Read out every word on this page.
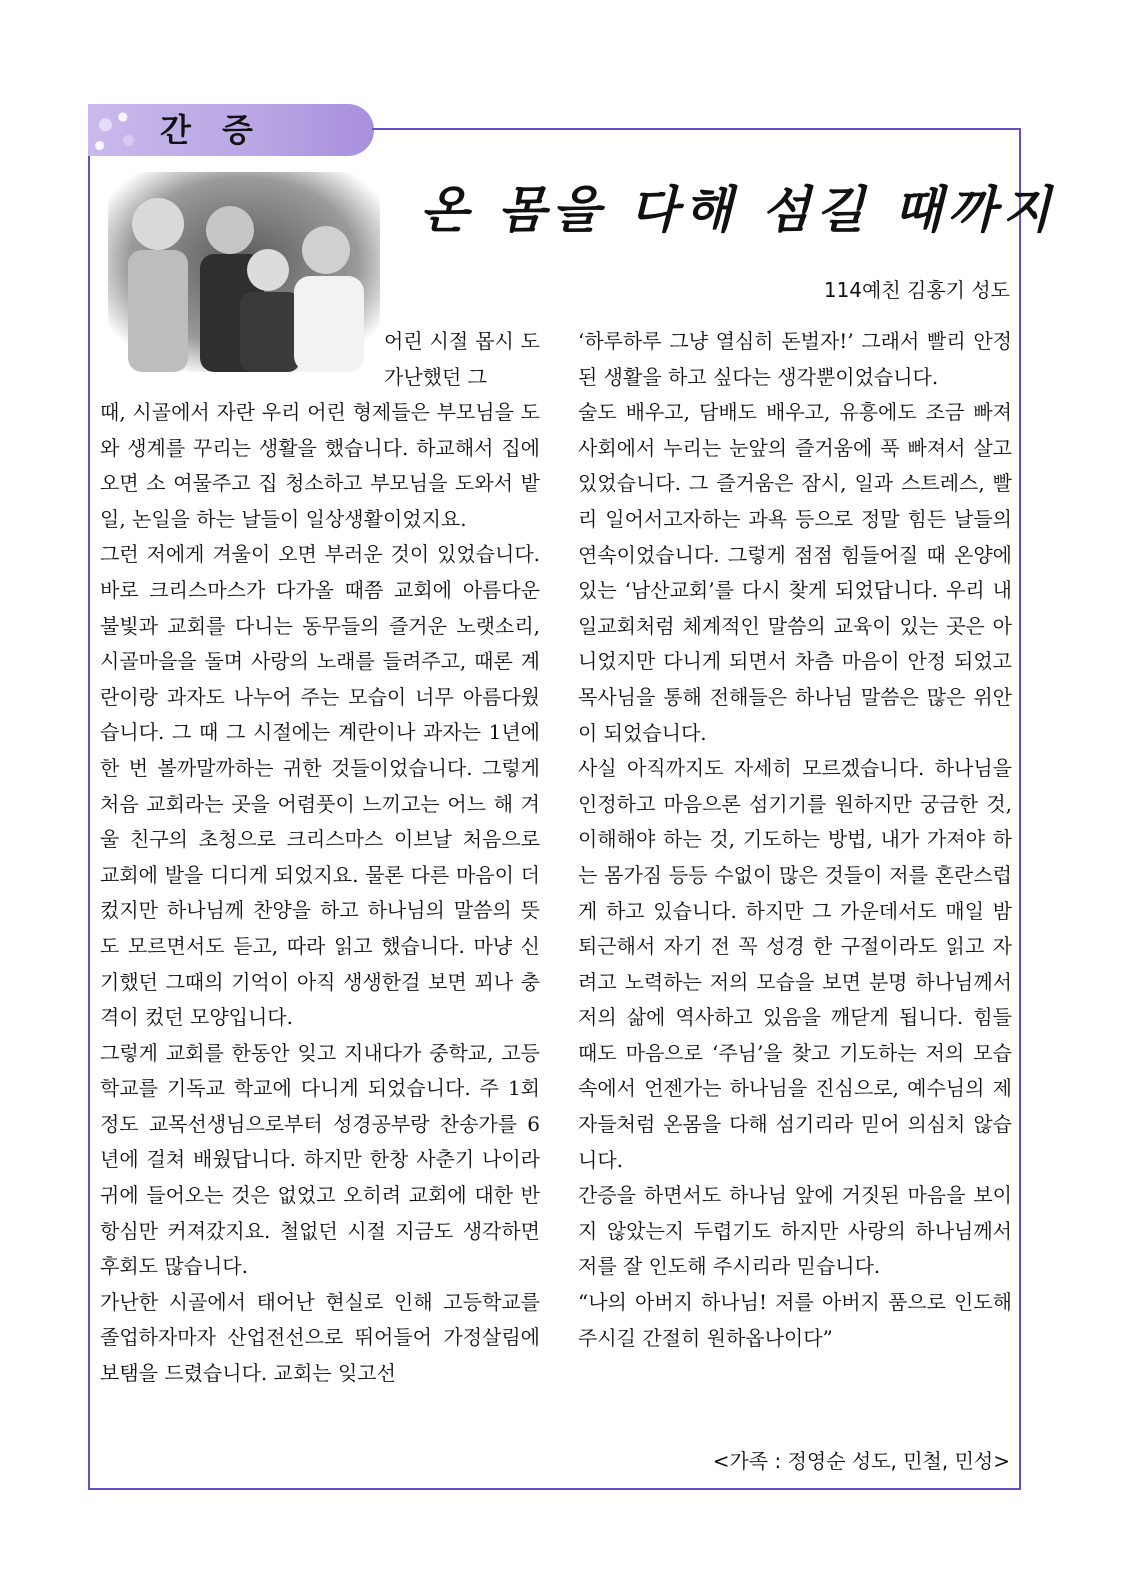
간 증
온 몸을 다해 섬길 때까지
114예친 김홍기 성도
어린 시절 몹시 도 가난했던 그

때, 시골에서 자란 우리 어린 형제들은 부모님을 도와 생계를 꾸리는 생활을 했습니다. 하교해서 집에 오면 소 여물주고 집 청소하고 부모님을 도와서 밭일, 논일을 하는 날들이 일상생활이었지요.

그런 저에게 겨울이 오면 부러운 것이 있었습니다. 바로 크리스마스가 다가올 때쯤 교회에 아름다운 불빛과 교회를 다니는 동무들의 즐거운 노랫소리, 시골마을을 돌며 사랑의 노래를 들려주고, 때론 계란이랑 과자도 나누어 주는 모습이 너무 아름다웠습니다. 그 때 그 시절에는 계란이나 과자는 1년에 한 번 볼까말까하는 귀한 것들이었습니다. 그렇게 처음 교회라는 곳을 어렴풋이 느끼고는 어느 해 겨울 친구의 초청으로 크리스마스 이브날 처음으로 교회에 발을 디디게 되었지요. 물론 다른 마음이 더 컸지만 하나님께 찬양을 하고 하나님의 말씀의 뜻도 모르면서도 듣고, 따라 읽고 했습니다. 마냥 신기했던 그때의 기억이 아직 생생한걸 보면 꾀나 충격이 컸던 모양입니다.

그렇게 교회를 한동안 잊고 지내다가 중학교, 고등학교를 기독교 학교에 다니게 되었습니다. 주 1회 정도 교목선생님으로부터 성경공부랑 찬송가를 6년에 걸쳐 배웠답니다. 하지만 한창 사춘기 나이라 귀에 들어오는 것은 없었고 오히려 교회에 대한 반항심만 커져갔지요. 철없던 시절 지금도 생각하면 후회도 많습니다.

가난한 시골에서 태어난 현실로 인해 고등학교를 졸업하자마자 산업전선으로 뛰어들어 가정살림에 보탬을 드렸습니다. 교회는 잊고선

‘하루하루 그냥 열심히 돈벌자!’ 그래서 빨리 안정된 생활을 하고 싶다는 생각뿐이었습니다.

술도 배우고, 담배도 배우고, 유흥에도 조금 빠져 사회에서 누리는 눈앞의 즐거움에 푹 빠져서 살고 있었습니다. 그 즐거움은 잠시, 일과 스트레스, 빨리 일어서고자하는 과욕 등으로 정말 힘든 날들의 연속이었습니다. 그렇게 점점 힘들어질 때 온양에 있는 ‘남산교회’를 다시 찾게 되었답니다. 우리 내일교회처럼 체계적인 말씀의 교육이 있는 곳은 아니었지만 다니게 되면서 차츰 마음이 안정 되었고 목사님을 통해 전해들은 하나님 말씀은 많은 위안이 되었습니다.

사실 아직까지도 자세히 모르겠습니다. 하나님을 인정하고 마음으론 섬기기를 원하지만 궁금한 것, 이해해야 하는 것, 기도하는 방법, 내가 가져야 하는 몸가짐 등등 수없이 많은 것들이 저를 혼란스럽게 하고 있습니다. 하지만 그 가운데서도 매일 밤 퇴근해서 자기 전 꼭 성경 한 구절이라도 읽고 자려고 노력하는 저의 모습을 보면 분명 하나님께서 저의 삶에 역사하고 있음을 깨닫게 됩니다. 힘들 때도 마음으로 ‘주님’을 찾고 기도하는 저의 모습 속에서 언젠가는 하나님을 진심으로, 예수님의 제자들처럼 온몸을 다해 섬기리라 믿어 의심치 않습니다.

간증을 하면서도 하나님 앞에 거짓된 마음을 보이지 않았는지 두렵기도 하지만 사랑의 하나님께서 저를 잘 인도해 주시리라 믿습니다.

“나의 아버지 하나님! 저를 아버지 품으로 인도해 주시길 간절히 원하옵나이다”

<가족 : 정영순 성도, 민철, 민성>
